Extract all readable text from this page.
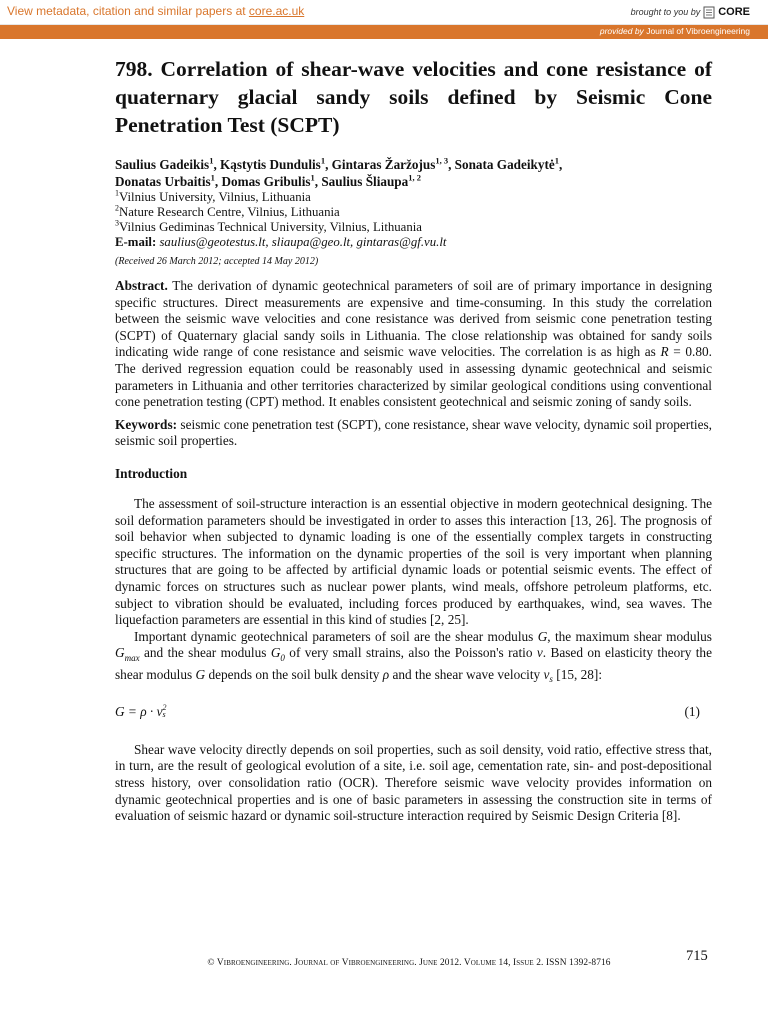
View metadata, citation and similar papers at core.ac.uk	brought to you by CORE
provided by Journal of Vibroengineering
798. Correlation of shear-wave velocities and cone resistance of quaternary glacial sandy soils defined by Seismic Cone Penetration Test (SCPT)
Saulius Gadeikis$^1$, Kąstytis Dundulis$^1$, Gintaras Žaržojus$^{1, 3}$, Sonata Gadeikytė$^1$,
Donatas Urbaitis$^1$, Domas Gribulis$^1$, Saulius Šliaupa$^{1, 2}$
$^1$Vilnius University, Vilnius, Lithuania
$^2$Nature Research Centre, Vilnius, Lithuania
$^3$Vilnius Gediminas Technical University, Vilnius, Lithuania
E-mail: saulius@geotestus.lt, sliaupa@geo.lt, gintaras@gf.vu.lt
(Received 26 March 2012; accepted 14 May 2012)

Abstract. The derivation of dynamic geotechnical parameters of soil are of primary importance in designing specific structures. Direct measurements are expensive and time-consuming. In this study the correlation between the seismic wave velocities and cone resistance was derived from seismic cone penetration testing (SCPT) of Quaternary glacial sandy soils in Lithuania. The close relationship was obtained for sandy soils indicating wide range of cone resistance and seismic wave velocities. The correlation is as high as R = 0.80. The derived regression equation could be reasonably used in assessing dynamic geotechnical and seismic parameters in Lithuania and other territories characterized by similar geological conditions using conventional cone penetration testing (CPT) method. It enables consistent geotechnical and seismic zoning of sandy soils.

Keywords: seismic cone penetration test (SCPT), cone resistance, shear wave velocity, dynamic soil properties, seismic soil properties.

Introduction

The assessment of soil-structure interaction is an essential objective in modern geotechnical designing. The soil deformation parameters should be investigated in order to asses this interaction [13, 26]. The prognosis of soil behavior when subjected to dynamic loading is one of the essentially complex targets in constructing specific structures. The information on the dynamic properties of the soil is very important when planning structures that are going to be affected by artificial dynamic loads or potential seismic events. The effect of dynamic forces on structures such as nuclear power plants, wind meals, offshore petroleum platforms, etc. subject to vibration should be evaluated, including forces produced by earthquakes, wind, sea waves. The liquefaction parameters are essential in this kind of studies [2, 25].

Important dynamic geotechnical parameters of soil are the shear modulus G, the maximum shear modulus $G_{max}$ and the shear modulus $G_0$ of very small strains, also the Poisson's ratio ν. Based on elasticity theory the shear modulus G depends on the soil bulk density ρ and the shear wave velocity $v_s$ [15, 28]:

G = ρ · v 2
s	(1)

Shear wave velocity directly depends on soil properties, such as soil density, void ratio, effective stress that, in turn, are the result of geological evolution of a site, i.e. soil age, cementation rate, sin- and post-depositional stress history, over consolidation ratio (OCR). Therefore seismic wave velocity provides information on dynamic geotechnical properties and is one of basic parameters in assessing the construction site in terms of evaluation of seismic hazard or dynamic soil-structure interaction required by Seismic Design Criteria [8].

715
© Vibroengineering. Journal of Vibroengineering. June 2012. Volume 14, Issue 2. ISSN 1392-8716
